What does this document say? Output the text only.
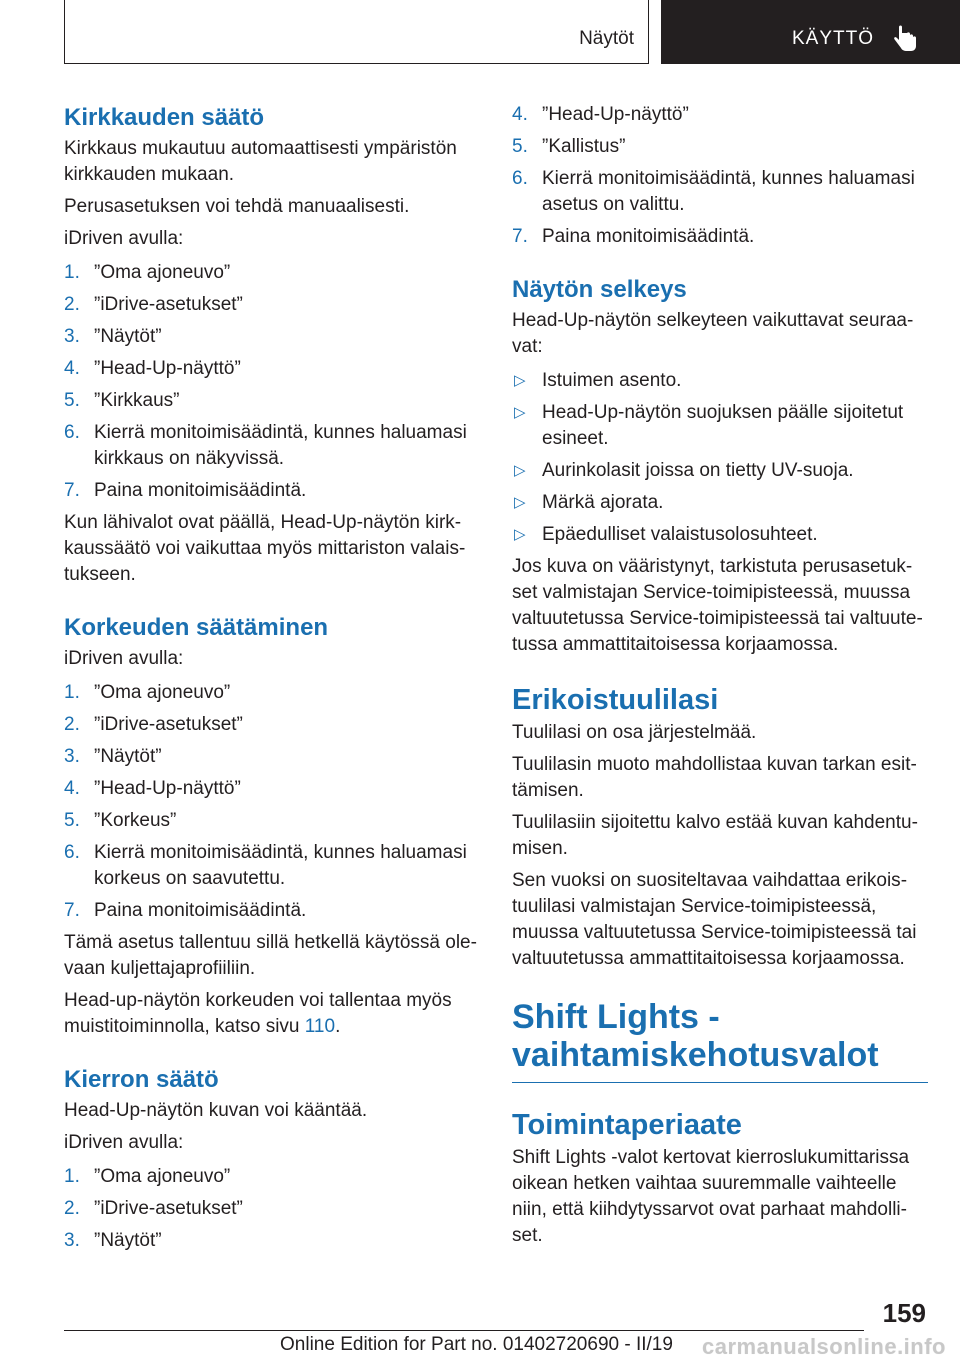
Näytöt	KÄYTTÖ
Kirkkauden säätö

Kirkkaus mukautuu automaattisesti ympäristön kirkkauden mukaan.

Perusasetuksen voi tehdä manuaalisesti.

iDriven avulla:

1. ”Oma ajoneuvo”
2. ”iDrive-asetukset”
3. ”Näytöt”
4. ”Head-Up-näyttö”
5. ”Kirkkaus”
6. Kierrä monitoimisäädintä, kunnes haluamasi kirkkaus on näkyvissä.
7. Paina monitoimisäädintä.

Kun lähivalot ovat päällä, Head-Up-näytön kirkkaussäätö voi vaikuttaa myös mittariston valaistukseen.

Korkeuden säätäminen

iDriven avulla:

1. ”Oma ajoneuvo”
2. ”iDrive-asetukset”
3. ”Näytöt”
4. ”Head-Up-näyttö”
5. ”Korkeus”
6. Kierrä monitoimisäädintä, kunnes haluamasi korkeus on saavutettu.
7. Paina monitoimisäädintä.

Tämä asetus tallentuu sillä hetkellä käytössä olevaan kuljettajaprofiiliin.

Head-up-näytön korkeuden voi tallentaa myös muistitoiminnolla, katso sivu 110.

Kierron säätö

Head-Up-näytön kuvan voi kääntää.

iDriven avulla:

1. ”Oma ajoneuvo”
2. ”iDrive-asetukset”
3. ”Näytöt”
4. ”Head-Up-näyttö”
5. ”Kallistus”
6. Kierrä monitoimisäädintä, kunnes haluamasi asetus on valittu.
7. Paina monitoimisäädintä.
Näytön selkeys

Head-Up-näytön selkeyteen vaikuttavat seuraavat:

▷ Istuimen asento.
▷ Head-Up-näytön suojuksen päälle sijoitetut esineet.
▷ Aurinkolasit joissa on tietty UV-suoja.
▷ Märkä ajorata.
▷ Epäedulliset valaistusolosuhteet.

Jos kuva on vääristynyt, tarkistuta perusasetukset valmistajan Service-toimipisteessä, muussa valtuutetussa Service-toimipisteessä tai valtuutetussa ammattitaitoisessa korjaamossa.

Erikoistuulilasi

Tuulilasi on osa järjestelmää.

Tuulilasin muoto mahdollistaa kuvan tarkan esittämisen.

Tuulilasiin sijoitettu kalvo estää kuvan kahdentumisen.

Sen vuoksi on suositeltavaa vaihdattaa erikoistuulilasi valmistajan Service-toimipisteessä, muussa valtuutetussa Service-toimipisteessä tai valtuutetussa ammattitaitoisessa korjaamossa.

Shift Lights - vaihtamiskehotusvalot
Toimintaperiaate

Shift Lights -valot kertovat kierroslukumittarissa oikean hetken vaihtaa suuremmalle vaihteelle niin, että kiihdytyssarvot ovat parhaat mahdolliset.

159
Online Edition for Part no. 01402720690 - II/19	carmanualsonline.info
